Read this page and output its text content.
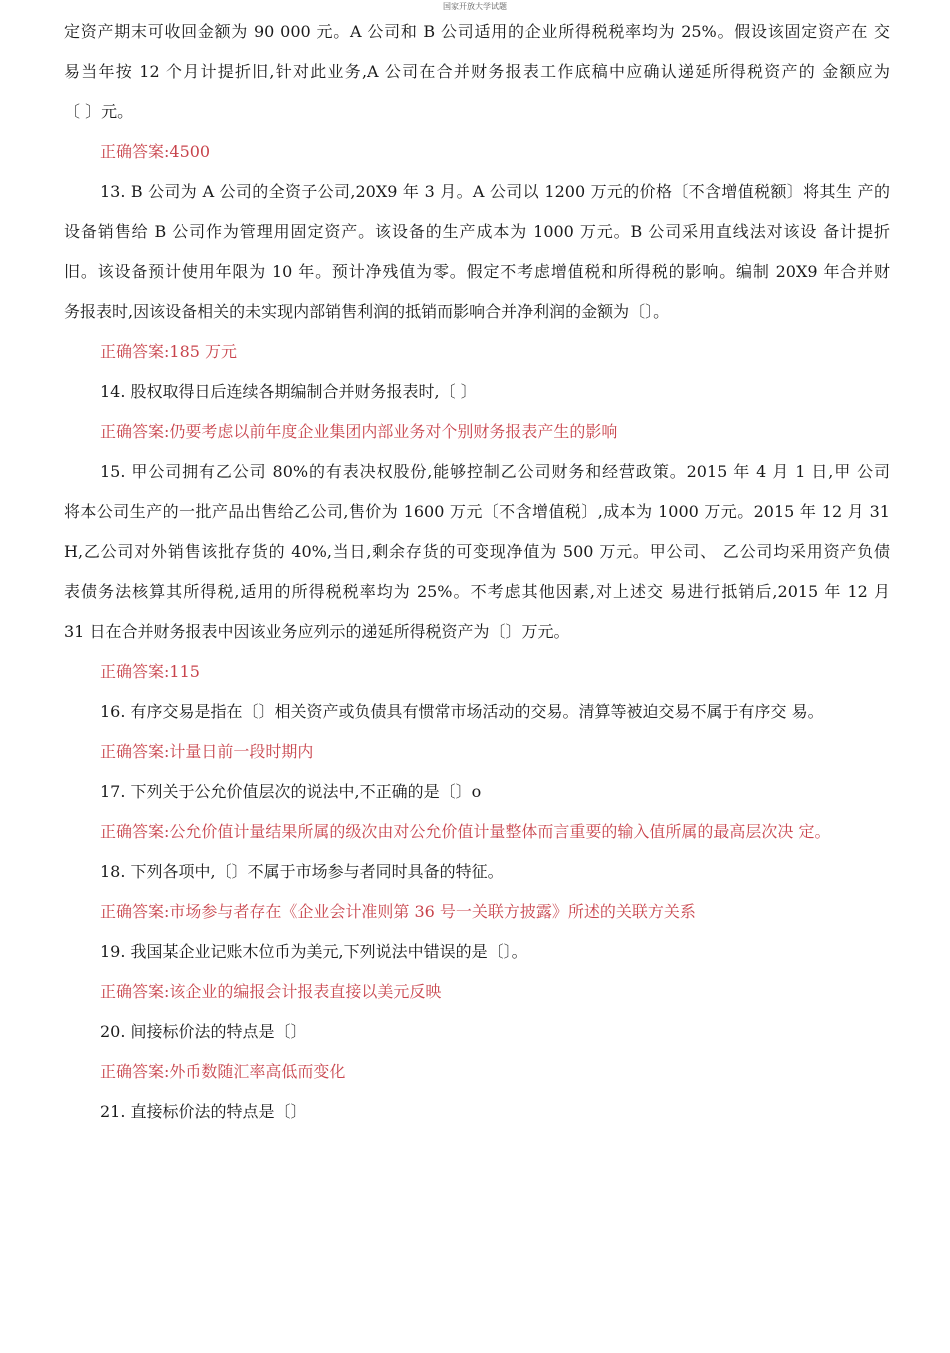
国家开放大学试题
定资产期末可收回金额为 90 000 元。A 公司和 B 公司适用的企业所得税税率均为 25%。假设该固定资产在 交
易当年按 12 个月计提折旧,针对此业务,A 公司在合并财务报表工作底稿中应确认递延所得税资产的 金额应为
〔 〕元。
正确答案:4500
13. B 公司为 A 公司的全资子公司,20X9 年 3 月。A 公司以 1200 万元的价格〔不含增值税额〕将其生 产的
设备销售给 B 公司作为管理用固定资产。该设备的生产成本为 1000 万元。B 公司采用直线法对该设 备计提折
旧。该设备预计使用年限为 10 年。预计净残值为零。假定不考虑增值税和所得税的影响。编制 20X9 年合并财
务报表时,因该设备相关的未实现内部销售利润的抵销而影响合并净利润的金额为〔〕。
正确答案:185 万元
14. 股权取得日后连续各期编制合并财务报表时,〔 〕
正确答案:仍要考虑以前年度企业集团内部业务对个别财务报表产生的影响
15. 甲公司拥有乙公司 80%的有表决权股份,能够控制乙公司财务和经营政策。2015 年 4 月 1 日,甲 公司
将本公司生产的一批产品出售给乙公司,售价为 1600 万元〔不含增值税〕,成本为 1000 万元。2015 年 12 月 31
H,乙公司对外销售该批存货的 40%,当日,剩余存货的可变现净值为 500 万元。甲公司、 乙公司均采用资产负债
表债务法核算其所得税,适用的所得税税率均为 25%。不考虑其他因素,对上述交 易进行抵销后,2015 年 12 月
31 日在合并财务报表中因该业务应列示的递延所得税资产为〔〕万元。
正确答案:115
16. 有序交易是指在〔〕相关资产或负债具有惯常市场活动的交易。清算等被迫交易不属于有序交 易。
正确答案:计量日前一段时期内
17. 下列关于公允价值层次的说法中,不正确的是〔〕o
正确答案:公允价值计量结果所属的级次由对公允价值计量整体而言重要的输入值所属的最高层次决 定。
18. 下列各项中,〔〕不属于市场参与者同时具备的特征。
正确答案:市场参与者存在《企业会计准则第 36 号一关联方披露》所述的关联方关系
19. 我国某企业记账木位币为美元,下列说法中错误的是〔〕。
正确答案:该企业的编报会计报表直接以美元反映
20. 间接标价法的特点是〔〕
正确答案:外币数随汇率高低而变化
21. 直接标价法的特点是〔〕
